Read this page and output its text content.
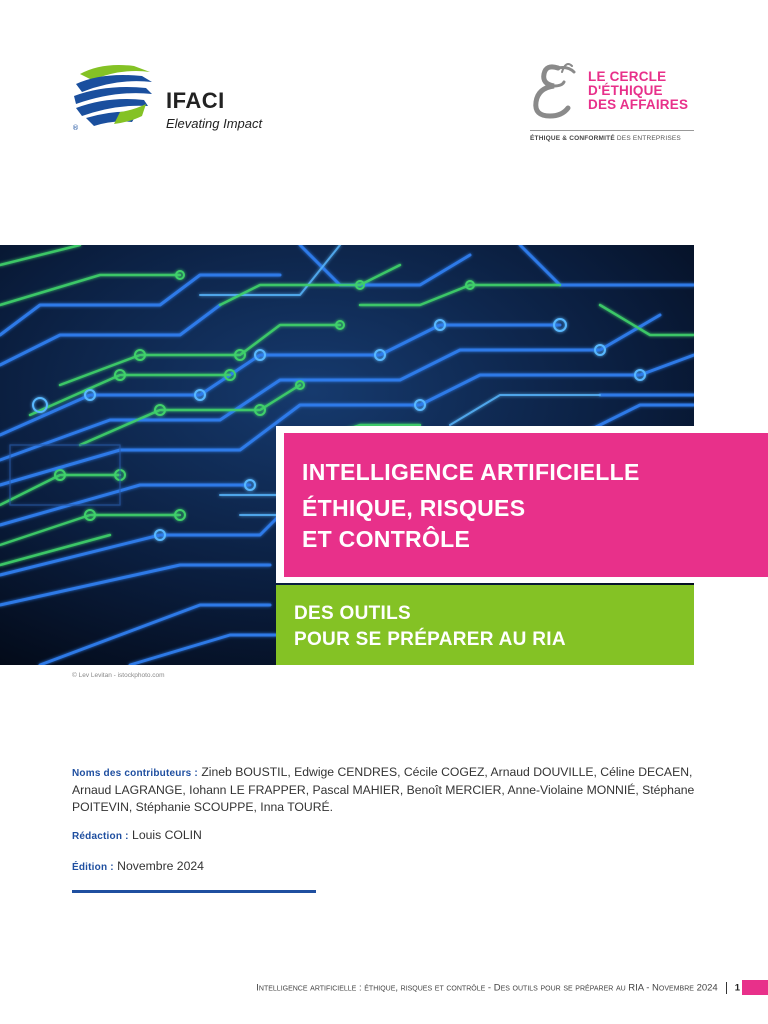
®
IFACI
Elevating Impact
LE CERCLE
D'ÉTHIQUE
DES AFFAIRES
ÉTHIQUE & CONFORMITÉ DES ENTREPRISES
© Lev Levitan - istockphoto.com
INTELLIGENCE ARTIFICIELLE
ÉTHIQUE, RISQUES
ET CONTRÔLE
DES OUTILS
POUR SE PRÉPARER AU RIA

Noms des contributeurs : Zineb BOUSTIL, Edwige CENDRES, Cécile COGEZ, Arnaud DOUVILLE, Céline DECAEN, Arnaud LAGRANGE, Iohann LE FRAPPER, Pascal MAHIER, Benoît MERCIER, Anne-Violaine MONNIÉ, Stéphane POITEVIN, Stéphanie SCOUPPE, Inna TOURÉ.

Rédaction : Louis COLIN

Édition : Novembre 2024

Intelligence artificielle : éthique, risques et contrôle - Des outils pour se préparer au RIA - Novembre 2024 1
